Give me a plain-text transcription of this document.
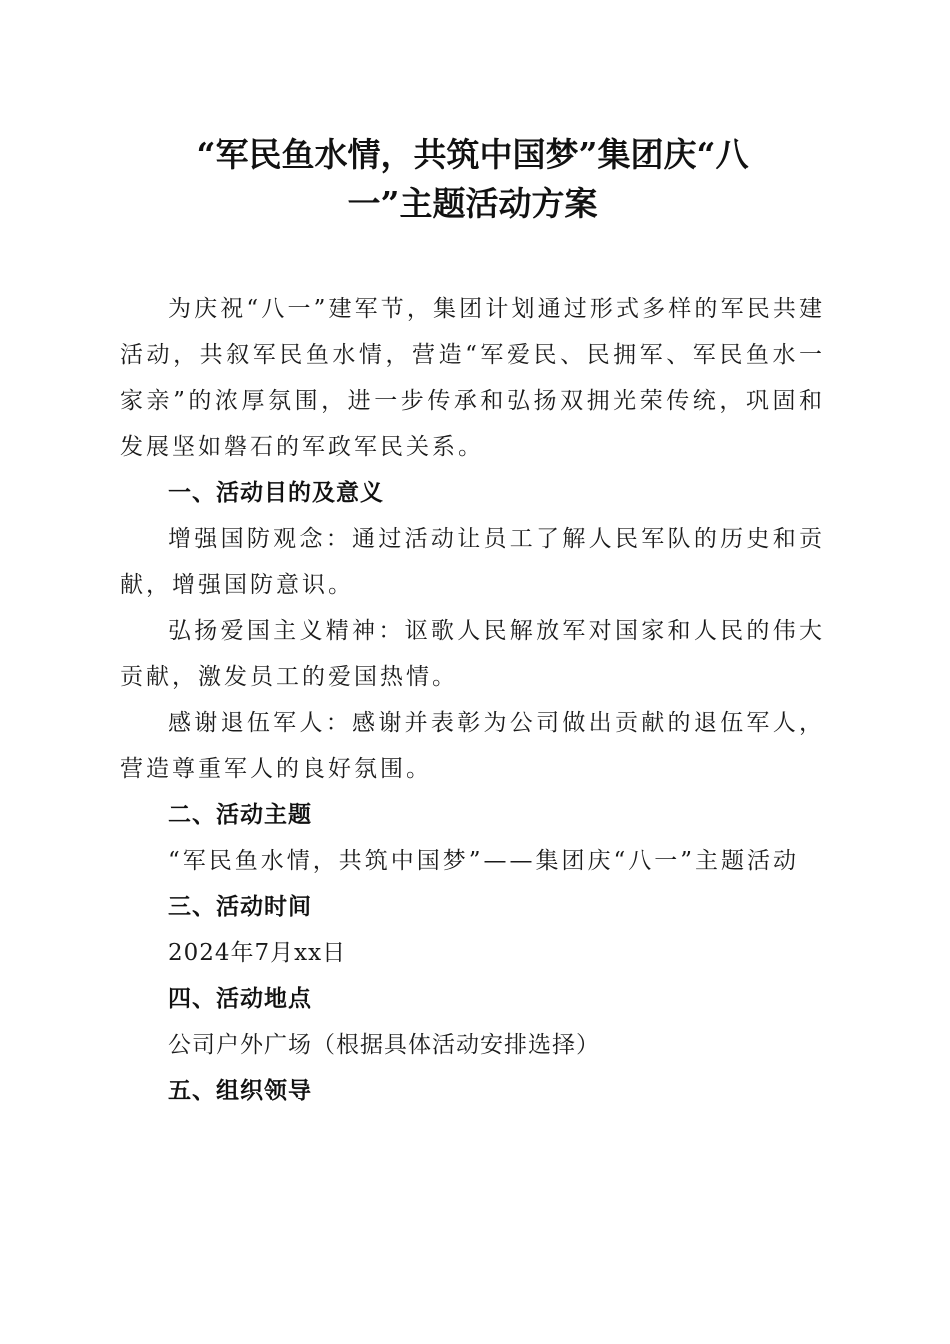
“军民鱼水情，共筑中国梦”集团庆“八
一”主题活动方案

为庆祝“八一”建军节，集团计划通过形式多样的军民共建活动，共叙军民鱼水情，营造“军爱民、民拥军、军民鱼水一家亲”的浓厚氛围，进一步传承和弘扬双拥光荣传统，巩固和发展坚如磐石的军政军民关系。

一、活动目的及意义

增强国防观念：通过活动让员工了解人民军队的历史和贡献，增强国防意识。

弘扬爱国主义精神：讴歌人民解放军对国家和人民的伟大贡献，激发员工的爱国热情。

感谢退伍军人：感谢并表彰为公司做出贡献的退伍军人，营造尊重军人的良好氛围。

二、活动主题

“军民鱼水情，共筑中国梦”——集团庆“八一”主题活动

三、活动时间

2024年7月xx日

四、活动地点

公司户外广场（根据具体活动安排选择）

五、组织领导
